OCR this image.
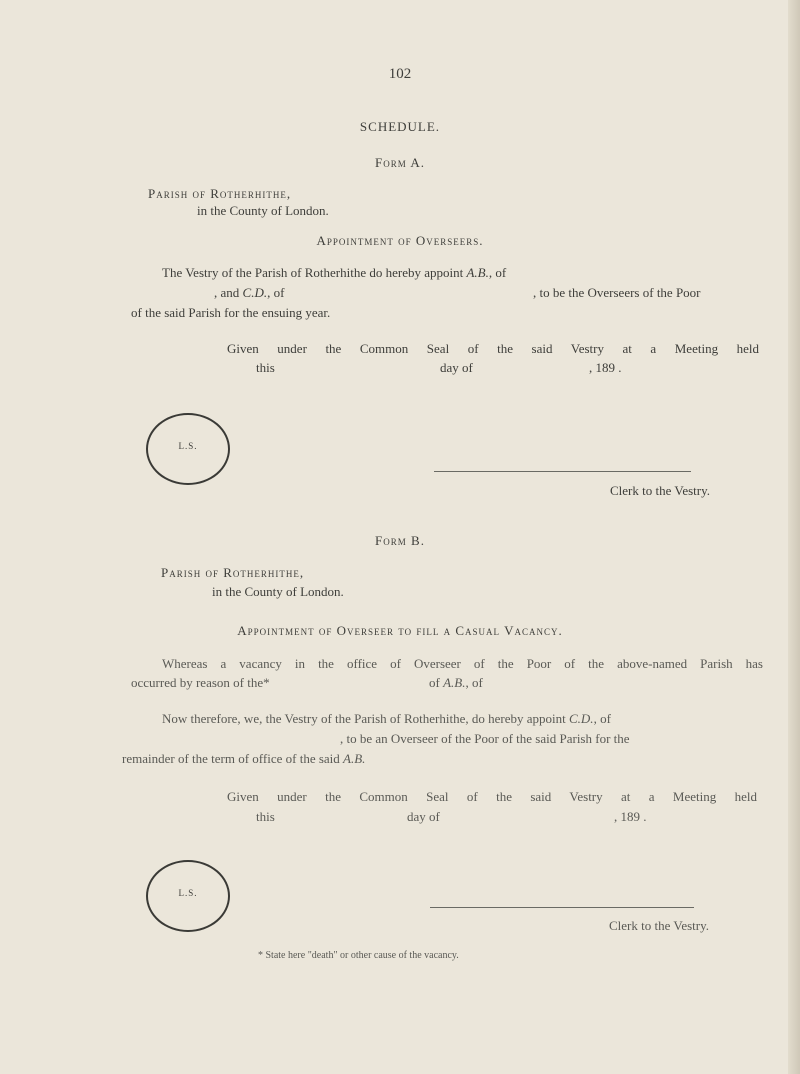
102
SCHEDULE.
Form A.
Parish of Rotherhithe,
in the County of London.
Appointment of Overseers.
The Vestry of the Parish of Rotherhithe do hereby appoint A.B., of
, and C.D., of	, to be the Overseers of the Poor
of the said Parish for the ensuing year.
Given under the Common Seal of the said Vestry at a Meeting held
this	day of	, 189 .
L.S.
Clerk to the Vestry.
Form B.
Parish of Rotherhithe,
in the County of London.
Appointment of Overseer to fill a Casual Vacancy.
Whereas a vacancy in the office of Overseer of the Poor of the above-named Parish has
occurred by reason of the*	of A.B., of
Now therefore, we, the Vestry of the Parish of Rotherhithe, do hereby appoint C.D., of
, to be an Overseer of the Poor of the said Parish for the
remainder of the term of office of the said A.B.
Given under the Common Seal of the said Vestry at a Meeting held
this	day of	, 189 .
L.S.
Clerk to the Vestry.
* State here "death" or other cause of the vacancy.
